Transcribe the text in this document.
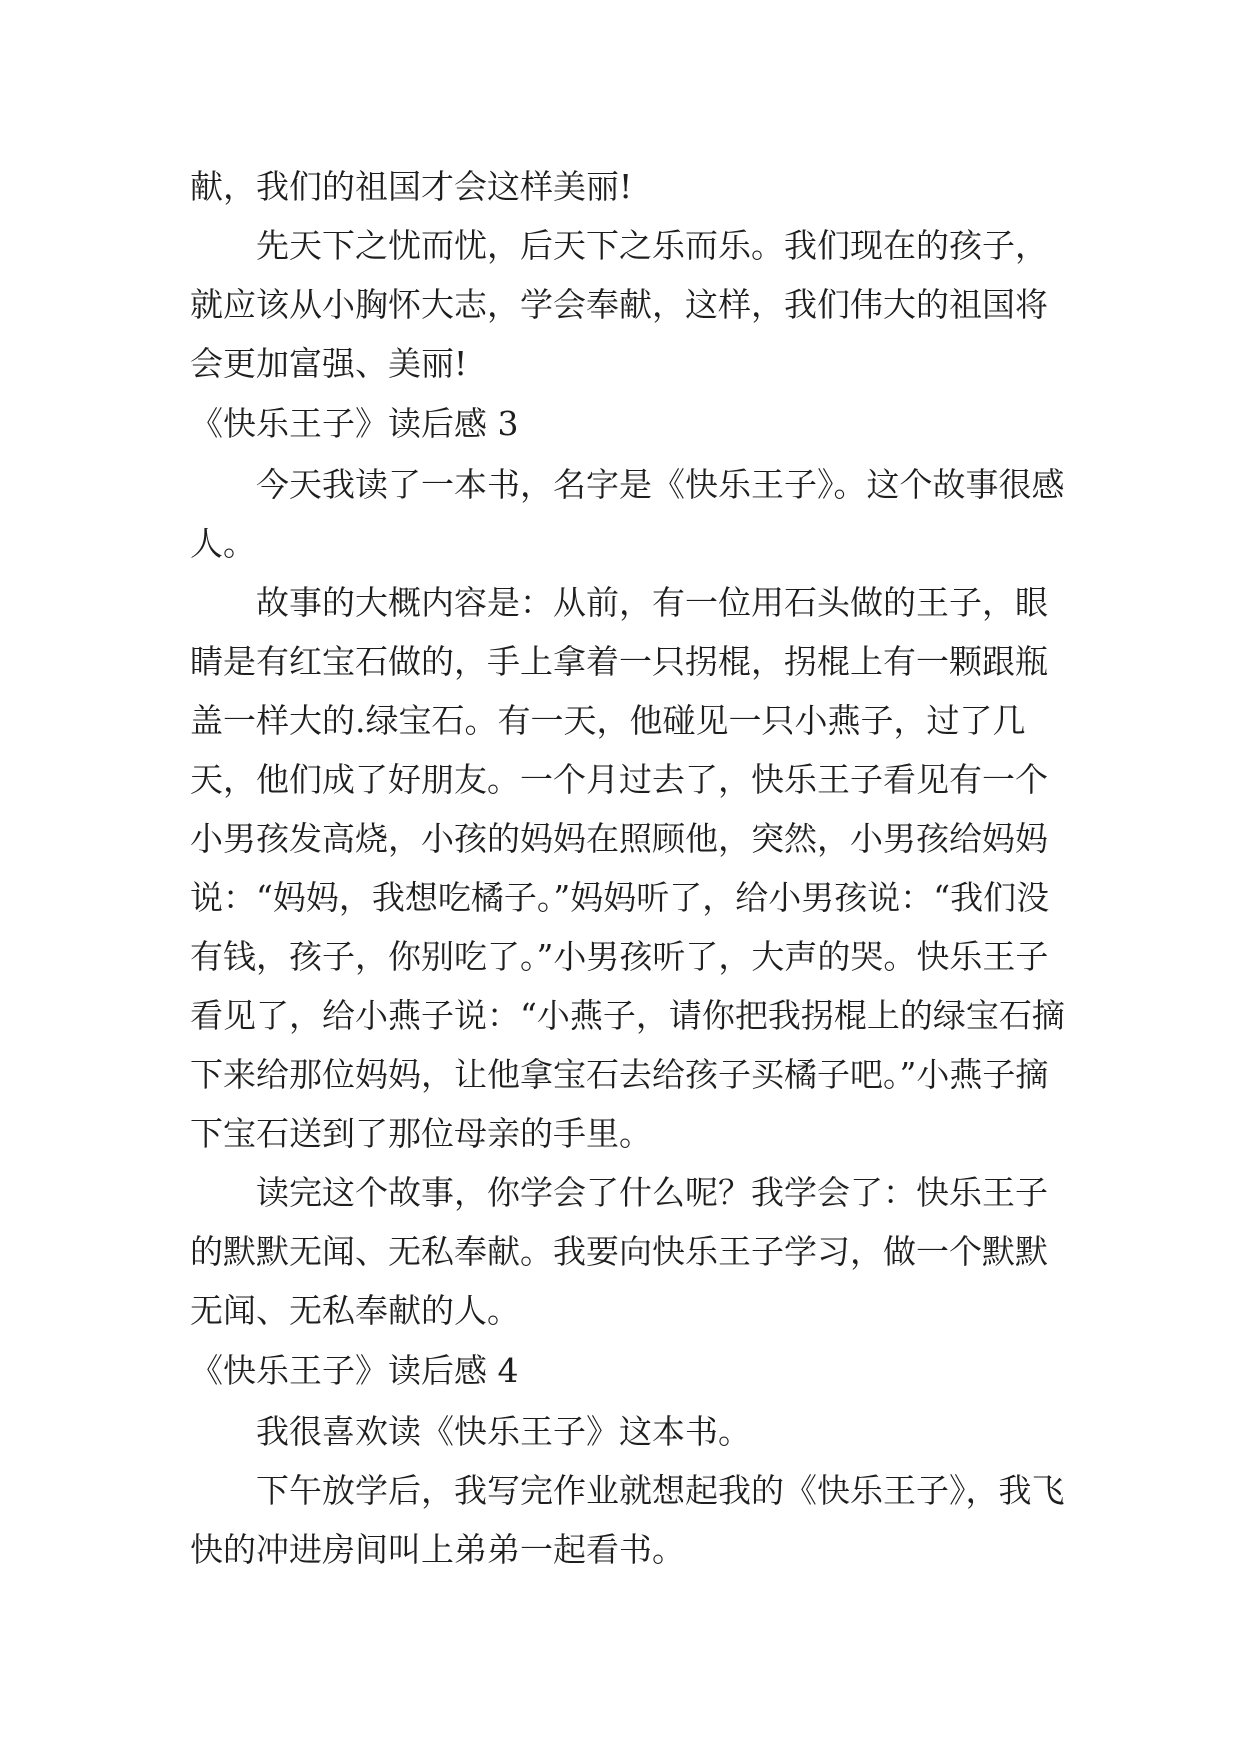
献，我们的祖国才会这样美丽!

先天下之忧而忧，后天下之乐而乐。我们现在的孩子，就应该从小胸怀大志，学会奉献，这样，我们伟大的祖国将会更加富强、美丽!

《快乐王子》读后感 3

今天我读了一本书，名字是《快乐王子》。这个故事很感人。

故事的大概内容是：从前，有一位用石头做的王子，眼睛是有红宝石做的，手上拿着一只拐棍，拐棍上有一颗跟瓶盖一样大的.绿宝石。有一天，他碰见一只小燕子，过了几天，他们成了好朋友。一个月过去了，快乐王子看见有一个小男孩发高烧，小孩的妈妈在照顾他，突然，小男孩给妈妈说：“妈妈，我想吃橘子。”妈妈听了，给小男孩说：“我们没有钱，孩子，你别吃了。”小男孩听了，大声的哭。快乐王子看见了，给小燕子说：“小燕子，请你把我拐棍上的绿宝石摘下来给那位妈妈，让他拿宝石去给孩子买橘子吧。”小燕子摘下宝石送到了那位母亲的手里。

读完这个故事，你学会了什么呢？我学会了：快乐王子的默默无闻、无私奉献。我要向快乐王子学习，做一个默默无闻、无私奉献的人。

《快乐王子》读后感 4

我很喜欢读《快乐王子》这本书。

下午放学后，我写完作业就想起我的《快乐王子》，我飞快的冲进房间叫上弟弟一起看书。
